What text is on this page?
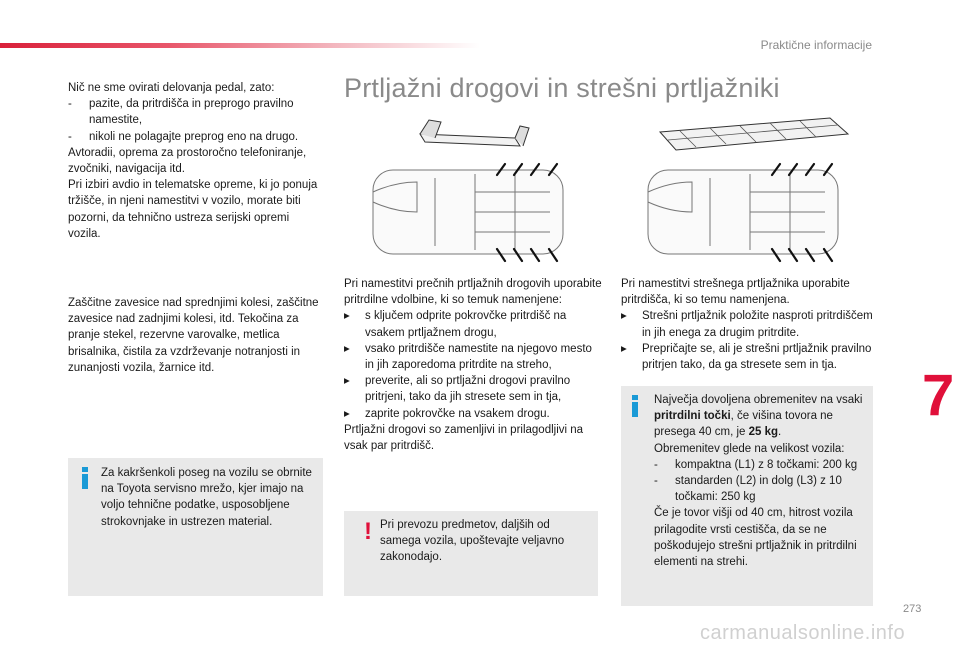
Praktične informacije

Nič ne sme ovirati delovanja pedal, zato:

- pazite, da pritrdišča in preprogo pravilno namestite,
- nikoli ne polagajte preprog eno na drugo.

Avtoradii, oprema za prostoročno telefoniranje, zvočniki, navigacija itd.

Pri izbiri avdio in telematske opreme, ki jo ponuja tržišče, in njeni namestitvi v vozilo, morate biti pozorni, da tehnično ustreza serijski opremi vozila.

Zaščitne zavesice nad sprednjimi kolesi, zaščitne zavesice nad zadnjimi kolesi, itd. Tekočina za pranje stekel, rezervne varovalke, metlica brisalnika, čistila za vzdrževanje notranjosti in zunanjosti vozila, žarnice itd.

Za kakršenkoli poseg na vozilu se obrnite na Toyota servisno mrežo, kjer imajo na voljo tehnične podatke, usposobljene strokovnjake in ustrezen material.

Prtljažni drogovi in strešni prtljažniki

Pri namestitvi prečnih prtljažnih drogovih uporabite pritrdilne vdolbine, ki so temuk namenjene:

▸ s ključem odprite pokrovčke pritrdišč na vsakem prtljažnem drogu,
▸ vsako pritrdišče namestite na njegovo mesto in jih zaporedoma pritrdite na streho,
▸ preverite, ali so prtljažni drogovi pravilno pritrjeni, tako da jih stresete sem in tja,
▸ zaprite pokrovčke na vsakem drogu.

Prtljažni drogovi so zamenljivi in prilagodljivi na vsak par pritrdišč.

! Pri prevozu predmetov, daljših od samega vozila, upoštevajte veljavno zakonodajo.

Pri namestitvi strešnega prtljažnika uporabite pritrdišča, ki so temu namenjena.

▸ Strešni prtljažnik položite nasproti pritrdiščem in jih enega za drugim pritrdite.
▸ Prepričajte se, ali je strešni prtljažnik pravilno pritrjen tako, da ga stresete sem in tja.

Največja dovoljena obremenitev na vsaki pritrdilni točki, če višina tovora ne presega 40 cm, je 25 kg.

Obremenitev glede na velikost vozila:

- kompaktna (L1) z 8 točkami: 200 kg
- standarden (L2) in dolg (L3) z 10 točkami: 250 kg

Če je tovor višji od 40 cm, hitrost vozila prilagodite vrsti cestišča, da se ne poškodujejo strešni prtljažnik in pritrdilni elementi na strehi.

7
273
carmanualsonline.info
